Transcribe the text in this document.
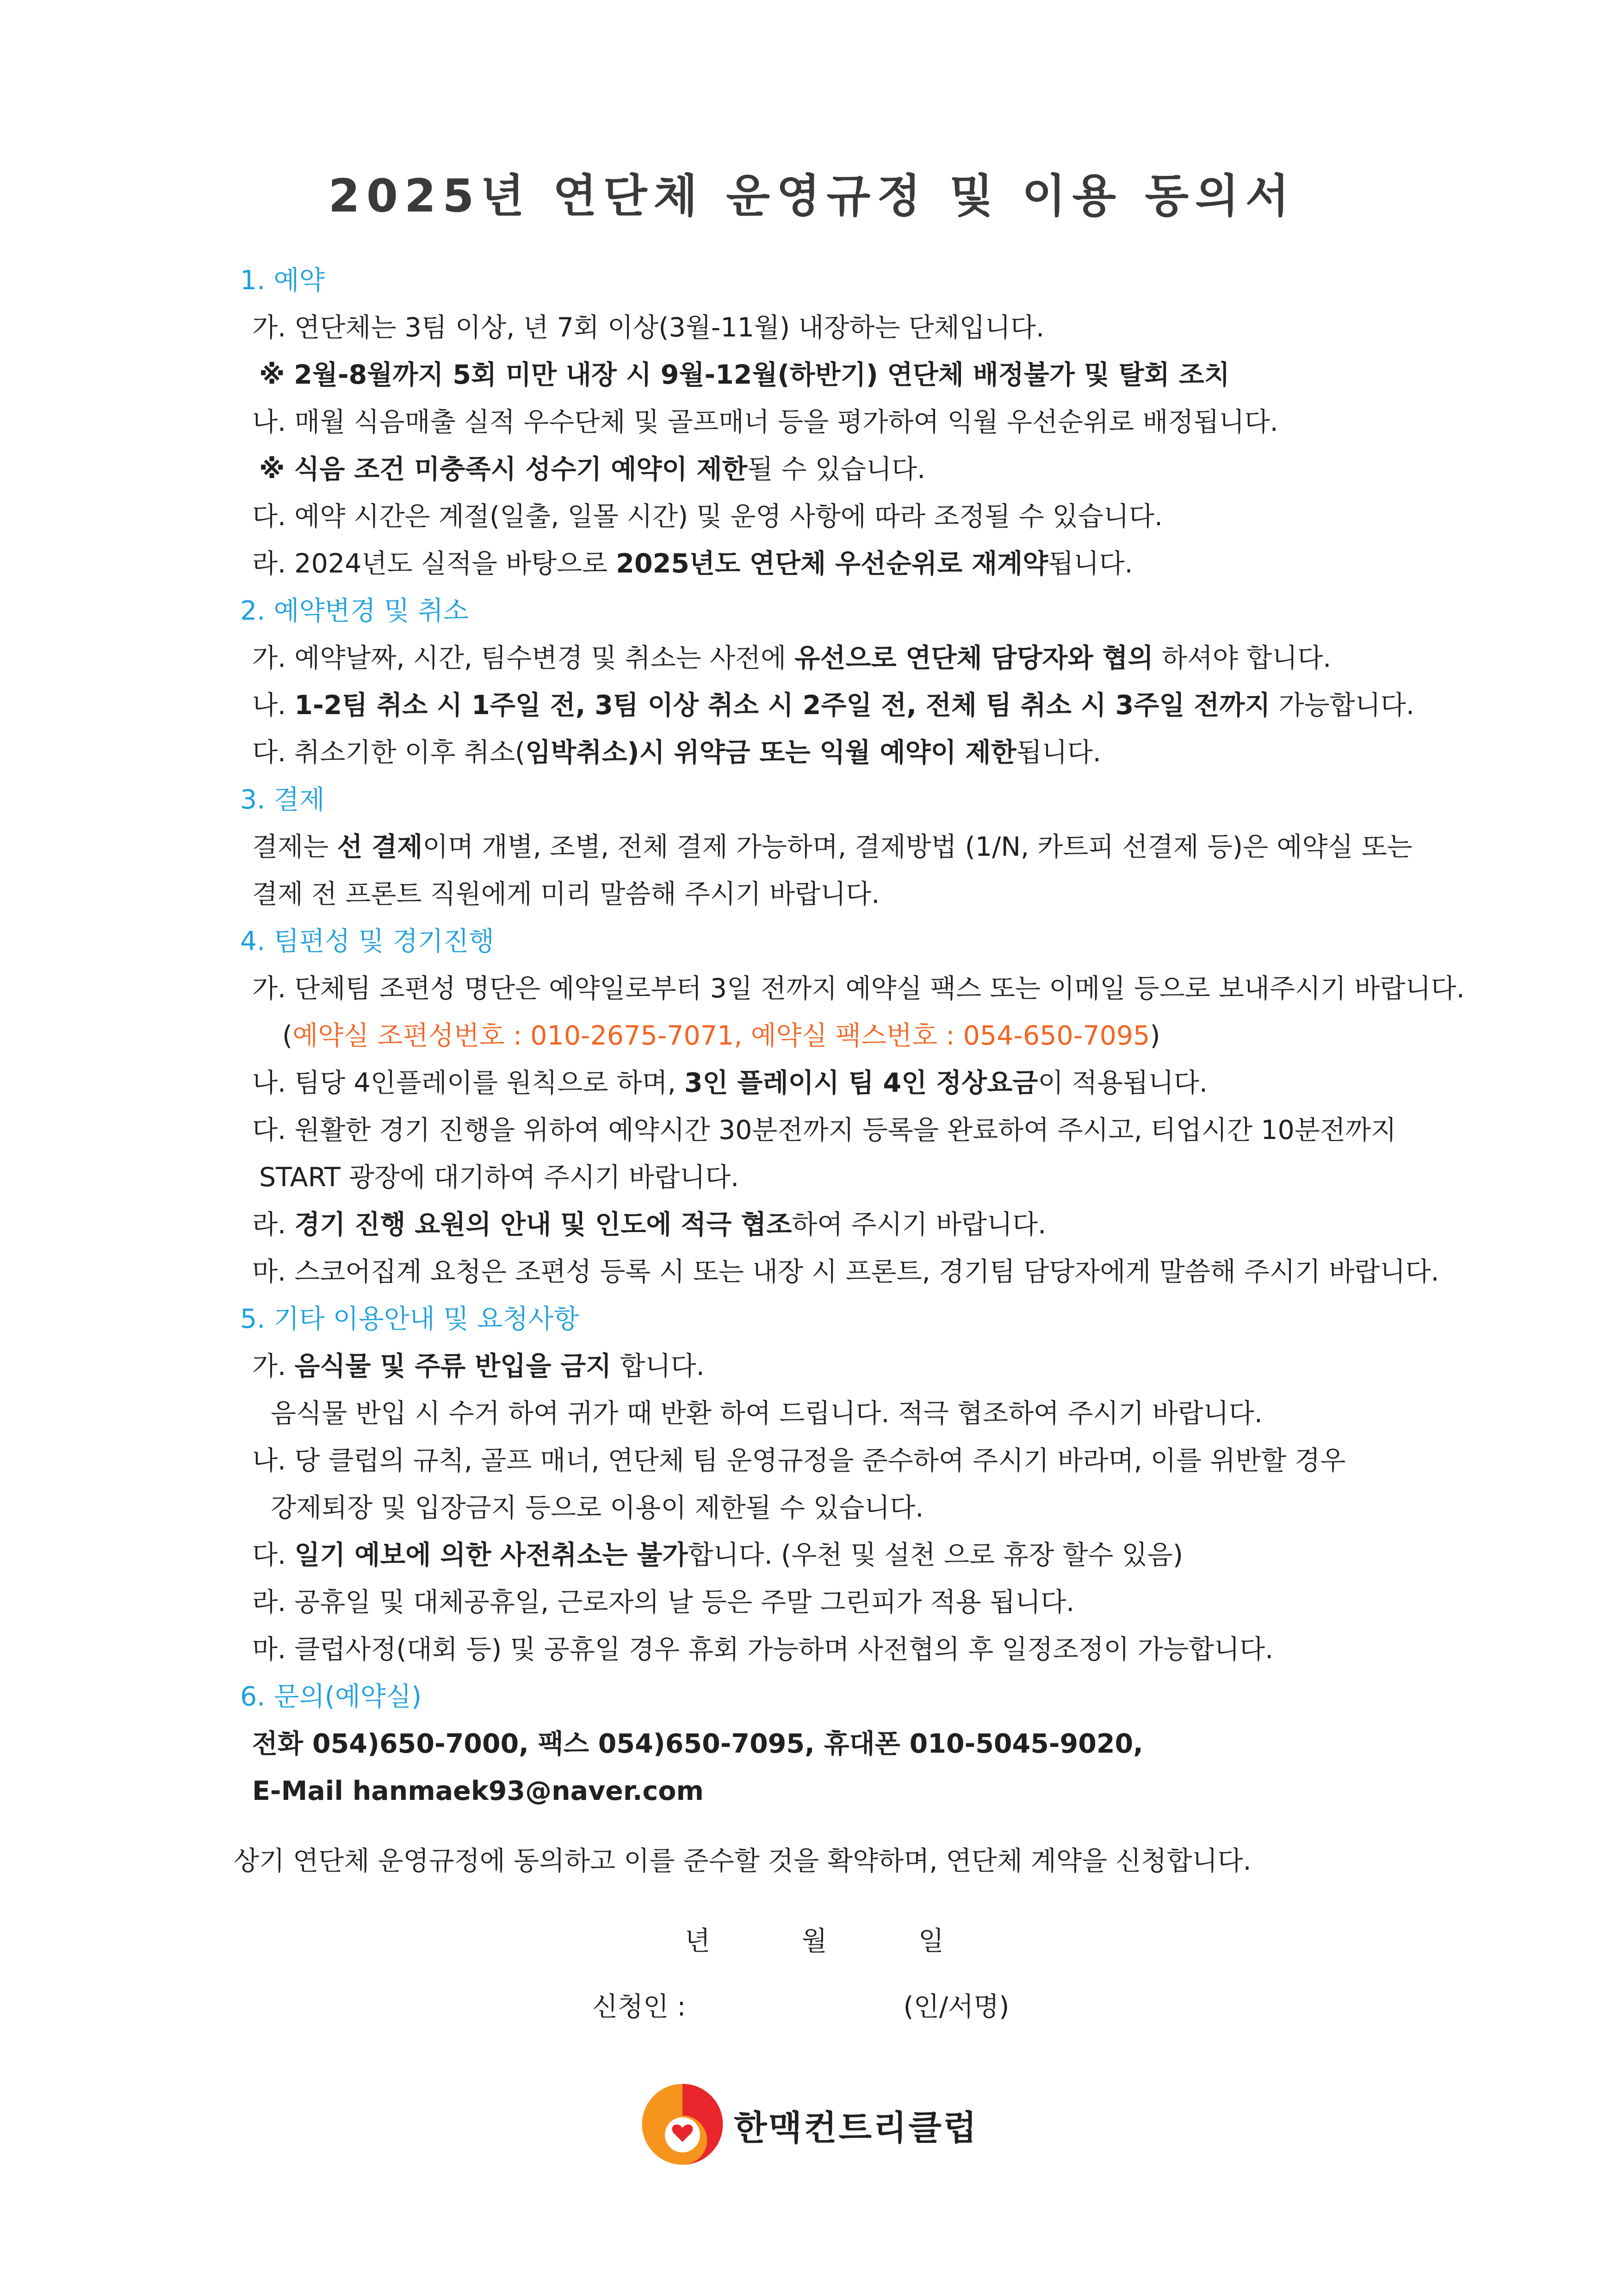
2025년 연단체 운영규정 및 이용 동의서
1. 예약
가. 연단체는 3팀 이상, 년 7회 이상(3월-11월) 내장하는 단체입니다.
※ 2월-8월까지 5회 미만 내장 시 9월-12월(하반기) 연단체 배정불가 및 탈회 조치
나. 매월 식음매출 실적 우수단체 및 골프매너 등을 평가하여 익월 우선순위로 배정됩니다.
※ 식음 조건 미충족시 성수기 예약이 제한될 수 있습니다.
다. 예약 시간은 계절(일출, 일몰 시간) 및 운영 사항에 따라 조정될 수 있습니다.
라. 2024년도 실적을 바탕으로 2025년도 연단체 우선순위로 재계약됩니다.
2. 예약변경 및 취소
가. 예약날짜, 시간, 팀수변경 및 취소는 사전에 유선으로 연단체 담당자와 협의 하셔야 합니다.
나. 1-2팀 취소 시 1주일 전, 3팀 이상 취소 시 2주일 전, 전체 팀 취소 시 3주일 전까지 가능합니다.
다. 취소기한 이후 취소(임박취소)시 위약금 또는 익월 예약이 제한됩니다.
3. 결제
결제는 선 결제이며 개별, 조별, 전체 결제 가능하며, 결제방법 (1/N, 카트피 선결제 등)은 예약실 또는
결제 전 프론트 직원에게 미리 말씀해 주시기 바랍니다.
4. 팀편성 및 경기진행
가. 단체팀 조편성 명단은 예약일로부터 3일 전까지 예약실 팩스 또는 이메일 등으로 보내주시기 바랍니다.
(예약실 조편성번호 : 010-2675-7071, 예약실 팩스번호 : 054-650-7095)
나. 팀당 4인플레이를 원칙으로 하며, 3인 플레이시 팀 4인 정상요금이 적용됩니다.
다. 원활한 경기 진행을 위하여 예약시간 30분전까지 등록을 완료하여 주시고, 티업시간 10분전까지
START 광장에 대기하여 주시기 바랍니다.
라. 경기 진행 요원의 안내 및 인도에 적극 협조하여 주시기 바랍니다.
마. 스코어집계 요청은 조편성 등록 시 또는 내장 시 프론트, 경기팀 담당자에게 말씀해 주시기 바랍니다.
5. 기타 이용안내 및 요청사항
가. 음식물 및 주류 반입을 금지 합니다.
음식물 반입 시 수거 하여 귀가 때 반환 하여 드립니다. 적극 협조하여 주시기 바랍니다.
나. 당 클럽의 규칙, 골프 매너, 연단체 팀 운영규정을 준수하여 주시기 바라며, 이를 위반할 경우
강제퇴장 및 입장금지 등으로 이용이 제한될 수 있습니다.
다. 일기 예보에 의한 사전취소는 불가합니다. (우천 및 설천 으로 휴장 할수 있음)
라. 공휴일 및 대체공휴일, 근로자의 날 등은 주말 그린피가 적용 됩니다.
마. 클럽사정(대회 등) 및 공휴일 경우 휴회 가능하며 사전협의 후 일정조정이 가능합니다.
6. 문의(예약실)
전화 054)650-7000, 팩스 054)650-7095, 휴대폰 010-5045-9020,
E-Mail hanmaek93@naver.com
상기 연단체 운영규정에 동의하고 이를 준수할 것을 확약하며, 연단체 계약을 신청합니다.
년	월	일
신청인 :	(인/서명)
한맥컨트리클럽
